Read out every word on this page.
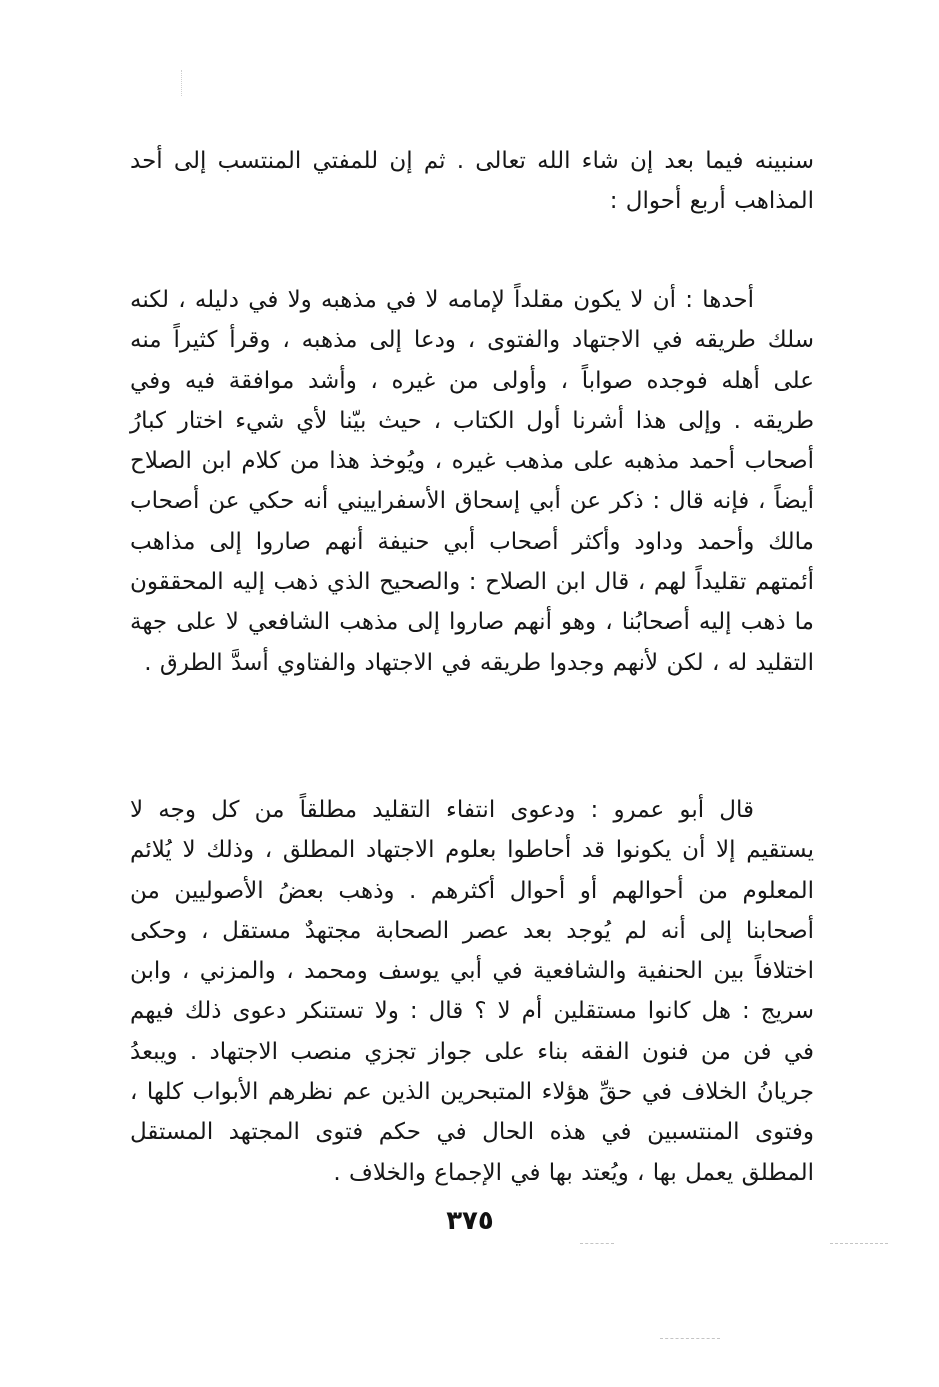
سنبينه فيما بعد إن شاء الله تعالى . ثم إن للمفتي المنتسب إلى أحد المذاهب أربع أحوال :

أحدها : أن لا يكون مقلداً لإمامه لا في مذهبه ولا في دليله ، لكنه سلك طريقه في الاجتهاد والفتوى ، ودعا إلى مذهبه ، وقرأ كثيراً منه على أهله فوجده صواباً ، وأولى من غيره ، وأشد موافقة فيه وفي طريقه . وإلى هذا أشرنا أول الكتاب ، حيث بيّنا لأي شيء اختار كبارُ أصحاب أحمد مذهبه على مذهب غيره ، ويُوخذ هذا من كلام ابن الصلاح أيضاً ، فإنه قال : ذكر عن أبي إسحاق الأسفراييني أنه حكي عن أصحاب مالك وأحمد وداود وأكثر أصحاب أبي حنيفة أنهم صاروا إلى مذاهب أئمتهم تقليداً لهم ، قال ابن الصلاح : والصحيح الذي ذهب إليه المحققون ما ذهب إليه أصحابُنا ، وهو أنهم صاروا إلى مذهب الشافعي لا على جهة التقليد له ، لكن لأنهم وجدوا طريقه في الاجتهاد والفتاوي أسدَّ الطرق .

قال أبو عمرو : ودعوى انتفاء التقليد مطلقاً من كل وجه لا يستقيم إلا أن يكونوا قد أحاطوا بعلوم الاجتهاد المطلق ، وذلك لا يُلائم المعلوم من أحوالهم أو أحوال أكثرهم . وذهب بعضُ الأصوليين من أصحابنا إلى أنه لم يُوجد بعد عصر الصحابة مجتهدٌ مستقل ، وحكى اختلافاً بين الحنفية والشافعية في أبي يوسف ومحمد ، والمزني ، وابن سريج : هل كانوا مستقلين أم لا ؟ قال : ولا تستنكر دعوى ذلك فيهم في فن من فنون الفقه بناء على جواز تجزي منصب الاجتهاد . ويبعدُ جريانُ الخلاف في حقِّ هؤلاء المتبحرين الذين عم نظرهم الأبواب كلها ، وفتوى المنتسبين في هذه الحال في حكم فتوى المجتهد المستقل المطلق يعمل بها ، ويُعتد بها في الإجماع والخلاف .

٣٧٥
